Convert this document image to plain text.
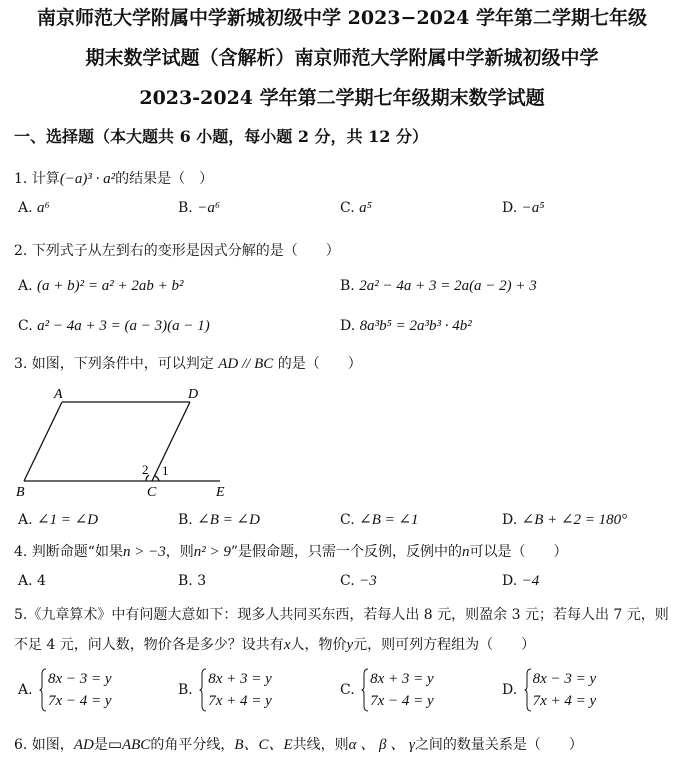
南京师范大学附属中学新城初级中学 2023−2024 学年第二学期七年级
期末数学试题（含解析）南京师范大学附属中学新城初级中学
2023-2024 学年第二学期七年级期末数学试题
一、选择题（本大题共 6 小题，每小题 2 分，共 12 分）
1. 计算(−a)³ · a²的结果是（　）
A. a⁶	B. −a⁶	C. a⁵	D. −a⁵
2. 下列式子从左到右的变形是因式分解的是（　　）
A. (a + b)² = a² + 2ab + b²	B. 2a² − 4a + 3 = 2a(a − 2) + 3
C. a² − 4a + 3 = (a − 3)(a − 1)	D. 8a³b⁵ = 2a³b³ · 4b²
3. 如图，下列条件中，可以判定 AD // BC 的是（　　）
A	D
B	C	E
2 1
A. ∠1 = ∠D	B. ∠B = ∠D	C. ∠B = ∠1	D. ∠B + ∠2 = 180°
4. 判断命题“如果n > −3，则n² > 9”是假命题，只需一个反例，反例中的n可以是（　　）
A. 4	B. 3	C. −3	D. −4
5.《九章算术》中有问题大意如下：现多人共同买东西，若每人出 8 元，则盈余 3 元；若每人出 7 元，则不足 4 元，问人数，物价各是多少？设共有x人，物价y元，则可列方程组为（　　）
A.
8x − 3 = y
7x − 4 = y
B.
8x + 3 = y
7x + 4 = y
C.
8x + 3 = y
7x − 4 = y
D.
8x − 3 = y
7x + 4 = y
6. 如图，AD是▭ABC的角平分线，B、C、E共线，则α 、 β 、 γ之间的数量关系是（　　）
